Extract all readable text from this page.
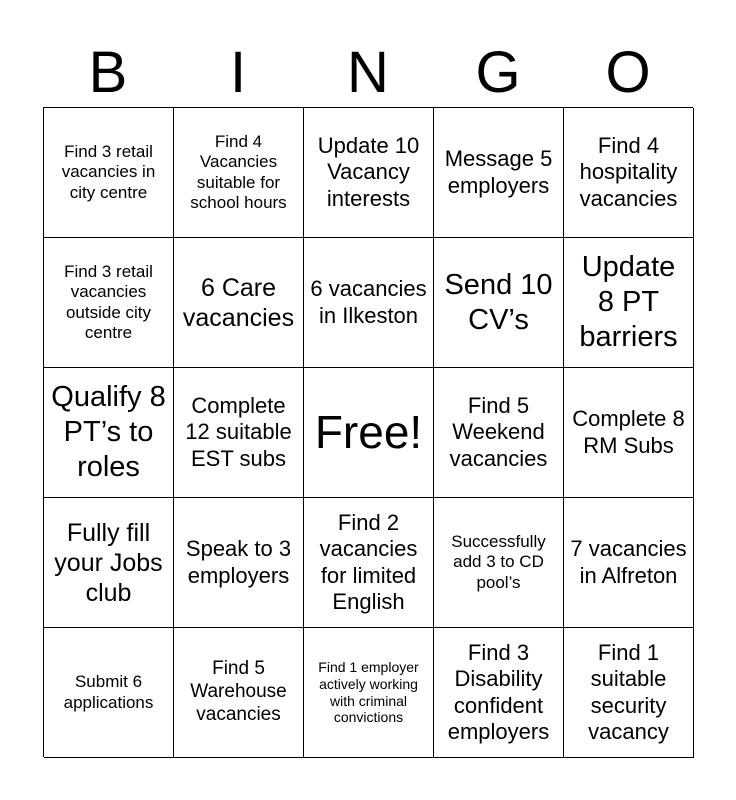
B	I	N	G	O
Find 3 retail vacancies in city centre
Find 4 Vacancies suitable for school hours
Update 10 Vacancy interests
Message 5 employers
Find 4 hospitality vacancies
Find 3 retail vacancies outside city centre
6 Care vacancies
6 vacancies in Ilkeston
Send 10 CV’s
Update 8 PT barriers
Qualify 8 PT’s to roles
Complete 12 suitable EST subs
Free!
Find 5 Weekend vacancies
Complete 8 RM Subs
Fully fill your Jobs club
Speak to 3 employers
Find 2 vacancies for limited English
Successfully add 3 to CD pool’s
7 vacancies in Alfreton
Submit 6 applications
Find 5 Warehouse vacancies
Find 1 employer actively working with criminal convictions
Find 3 Disability confident employers
Find 1 suitable security vacancy
